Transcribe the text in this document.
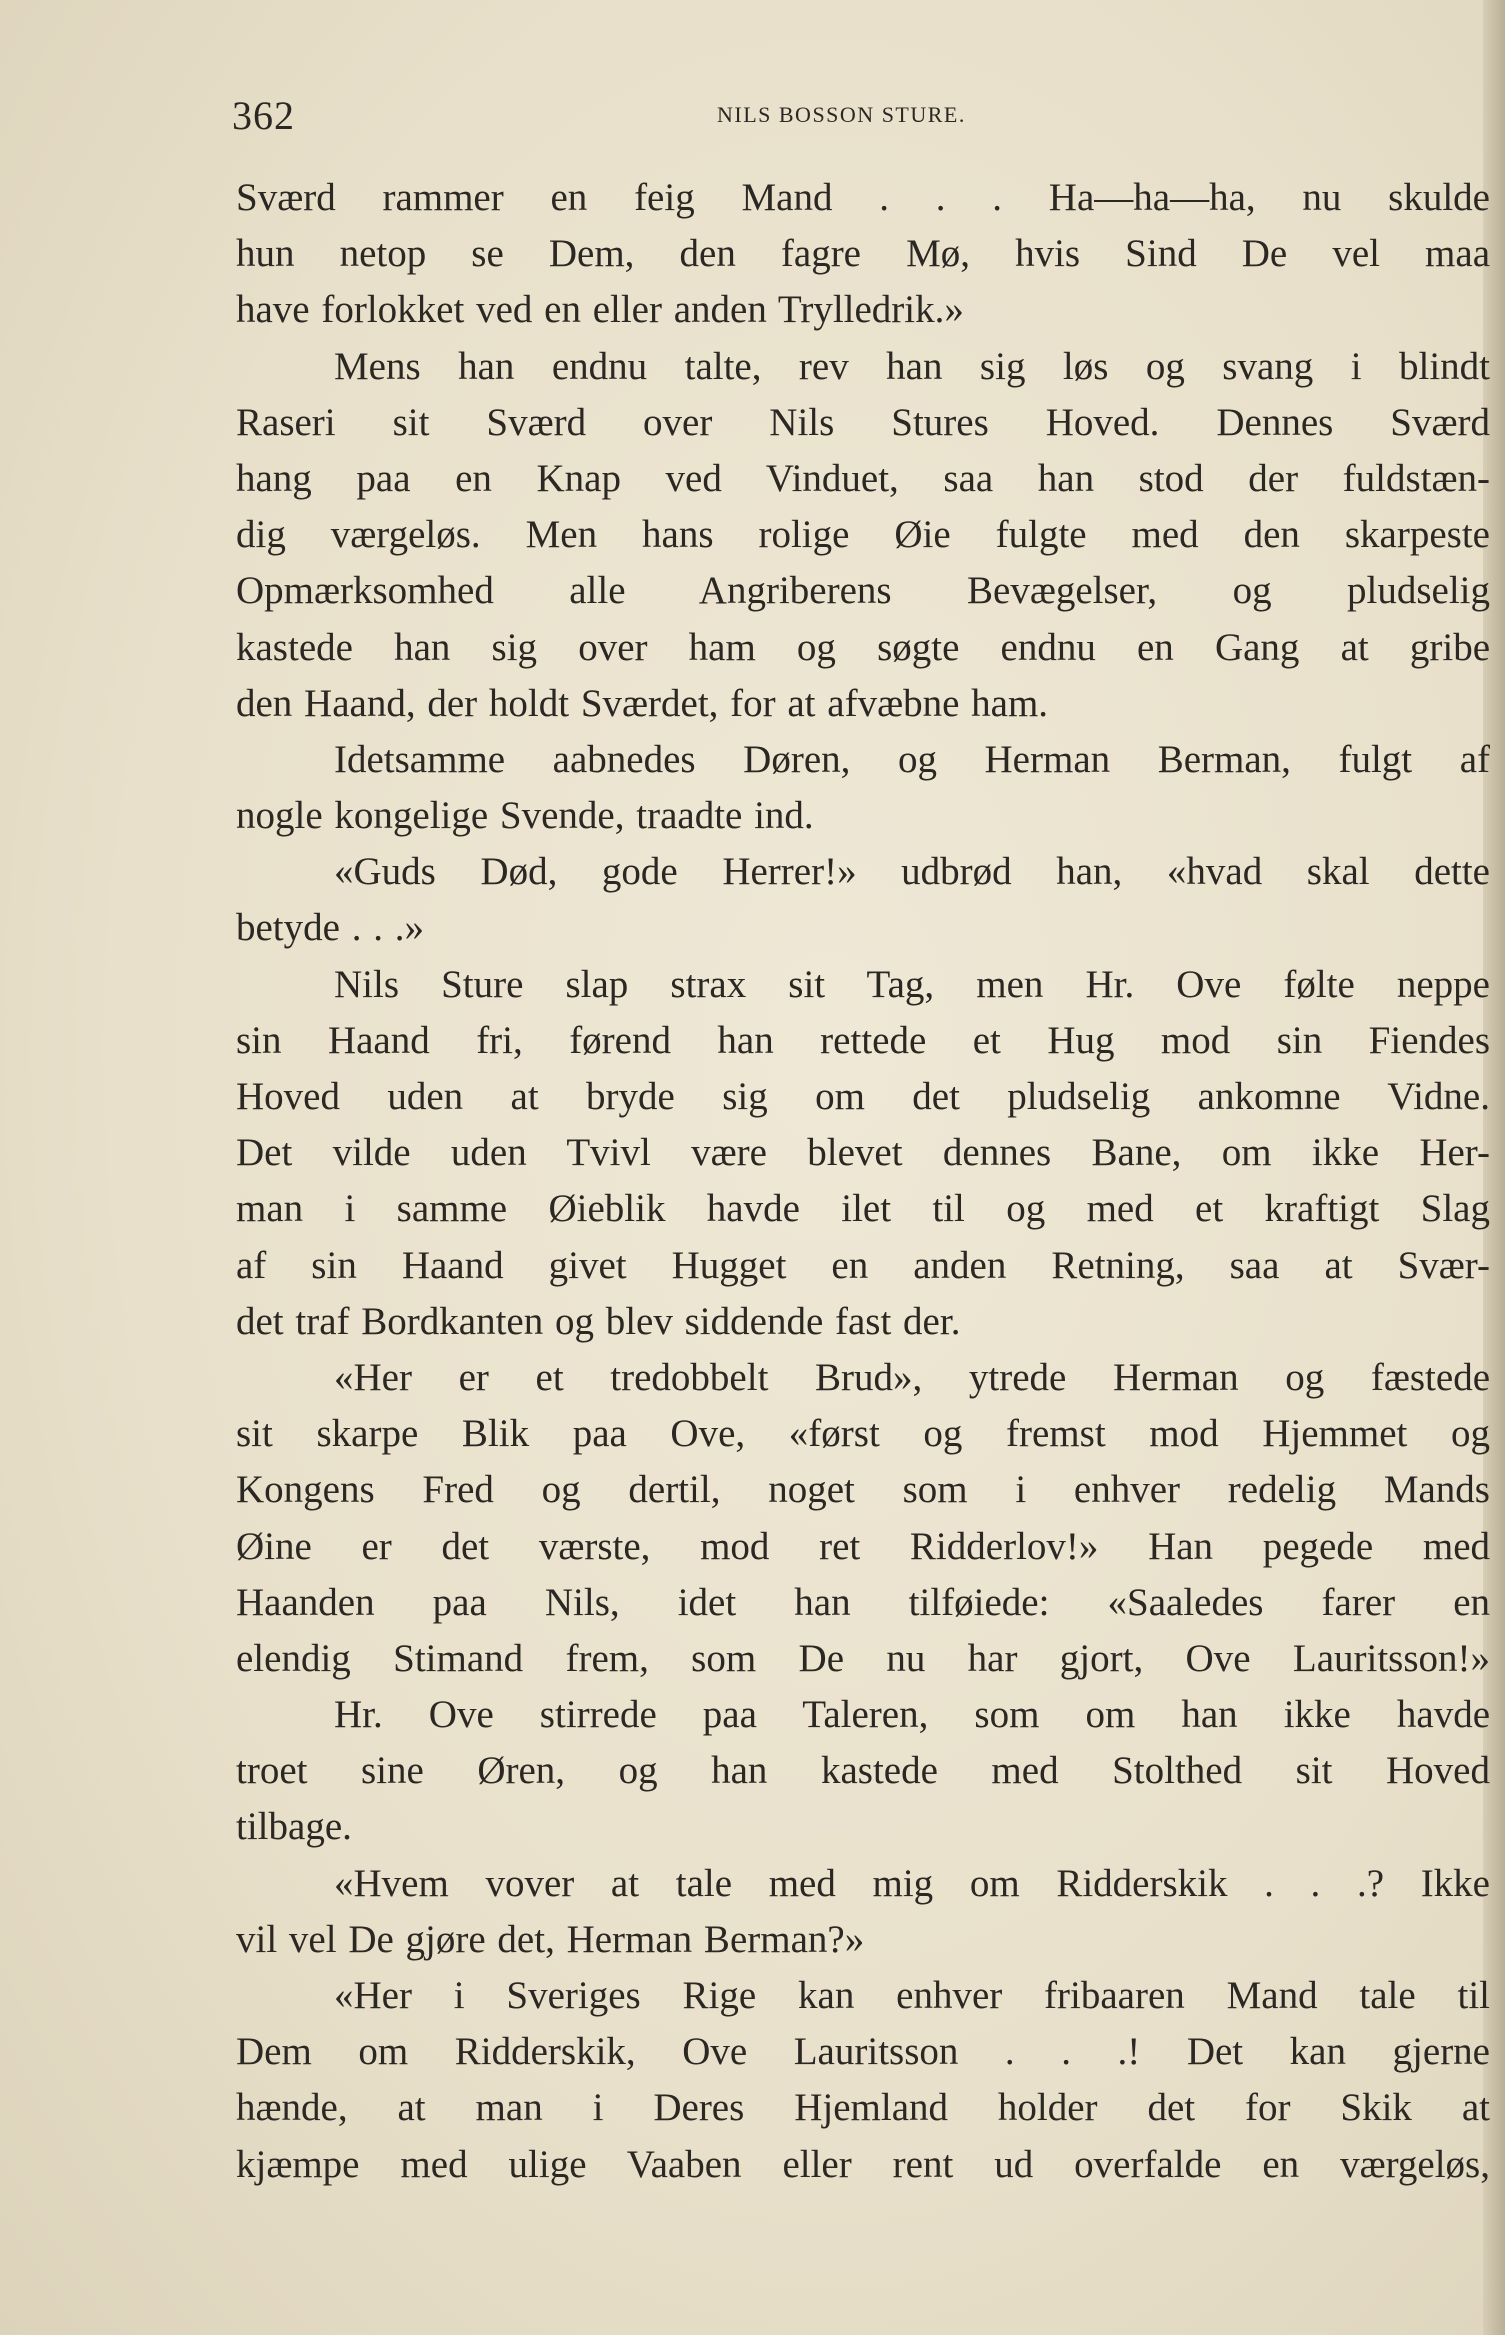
362	NILS BOSSON STURE.
Sværd rammer en feig Mand . . . Ha—ha—ha, nu skulde
hun netop se Dem, den fagre Mø, hvis Sind De vel maa
have forlokket ved en eller anden Trylledrik.»
Mens han endnu talte, rev han sig løs og svang i blindt
Raseri sit Sværd over Nils Stures Hoved. Dennes Sværd
hang paa en Knap ved Vinduet, saa han stod der fuldstæn-
dig værgeløs. Men hans rolige Øie fulgte med den skarpeste
Opmærksomhed alle Angriberens Bevægelser, og pludselig
kastede han sig over ham og søgte endnu en Gang at gribe
den Haand, der holdt Sværdet, for at afvæbne ham.
Idetsamme aabnedes Døren, og Herman Berman, fulgt af
nogle kongelige Svende, traadte ind.
«Guds Død, gode Herrer!» udbrød han, «hvad skal dette
betyde . . .»
Nils Sture slap strax sit Tag, men Hr. Ove følte neppe
sin Haand fri, førend han rettede et Hug mod sin Fiendes
Hoved uden at bryde sig om det pludselig ankomne Vidne.
Det vilde uden Tvivl være blevet dennes Bane, om ikke Her-
man i samme Øieblik havde ilet til og med et kraftigt Slag
af sin Haand givet Hugget en anden Retning, saa at Svær-
det traf Bordkanten og blev siddende fast der.
«Her er et tredobbelt Brud», ytrede Herman og fæstede
sit skarpe Blik paa Ove, «først og fremst mod Hjemmet og
Kongens Fred og dertil, noget som i enhver redelig Mands
Øine er det værste, mod ret Ridderlov!» Han pegede med
Haanden paa Nils, idet han tilføiede: «Saaledes farer en
elendig Stimand frem, som De nu har gjort, Ove Lauritsson!»
Hr. Ove stirrede paa Taleren, som om han ikke havde
troet sine Øren, og han kastede med Stolthed sit Hoved
tilbage.
«Hvem vover at tale med mig om Ridderskik . . .? Ikke
vil vel De gjøre det, Herman Berman?»
«Her i Sveriges Rige kan enhver fribaaren Mand tale til
Dem om Ridderskik, Ove Lauritsson . . .! Det kan gjerne
hænde, at man i Deres Hjemland holder det for Skik at
kjæmpe med ulige Vaaben eller rent ud overfalde en værgeløs,
